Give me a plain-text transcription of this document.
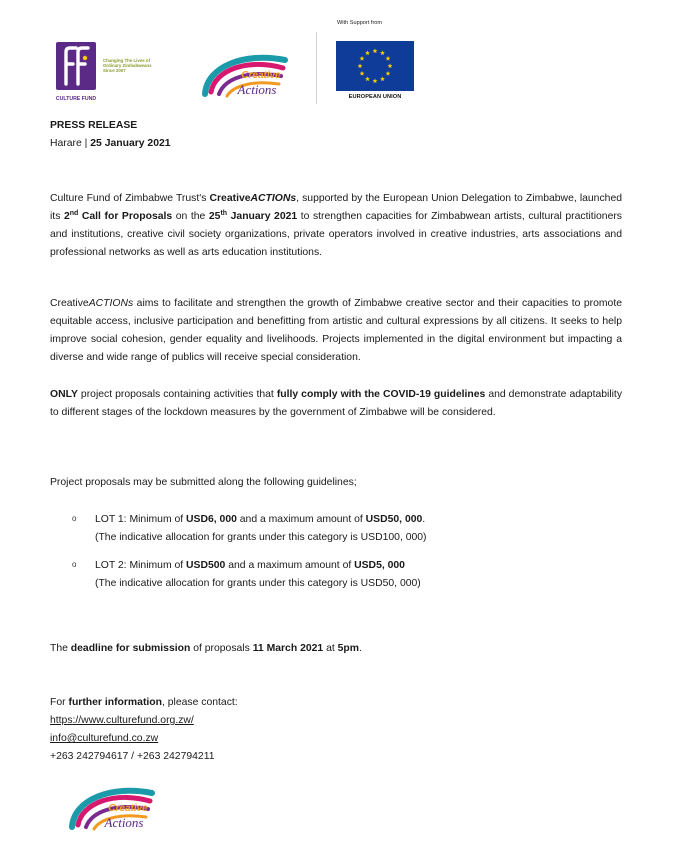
CULTURE FUND
Changing The Lives of
Ordinary Zimbabweans
Since 2007	Creative
Actions
With Support from
EUROPEAN UNION
PRESS RELEASE
Harare | 25 January 2021
Culture Fund of Zimbabwe Trust's CreativeACTIONs, supported by the European Union Delegation to Zimbabwe, launched its 2nd Call for Proposals on the 25th January 2021 to strengthen capacities for Zimbabwean artists, cultural practitioners and institutions, creative civil society organizations, private operators involved in creative industries, arts associations and professional networks as well as arts education institutions.
CreativeACTIONs aims to facilitate and strengthen the growth of Zimbabwe creative sector and their capacities to promote equitable access, inclusive participation and benefitting from artistic and cultural expressions by all citizens. It seeks to help improve social cohesion, gender equality and livelihoods. Projects implemented in the digital environment but impacting a diverse and wide range of publics will receive special consideration.
ONLY project proposals containing activities that fully comply with the COVID-19 guidelines and demonstrate adaptability to different stages of the lockdown measures by the government of Zimbabwe will be considered.
Project proposals may be submitted along the following guidelines;
o LOT 1: Minimum of USD6, 000 and a maximum amount of USD50, 000.
(The indicative allocation for grants under this category is USD100, 000)
o LOT 2: Minimum of USD500 and a maximum amount of USD5, 000
(The indicative allocation for grants under this category is USD50, 000)
The deadline for submission of proposals 11 March 2021 at 5pm.
For further information, please contact:
https://www.culturefund.org.zw/
info@culturefund.co.zw
+263 242794617 / +263 242794211
Creative
Actions
